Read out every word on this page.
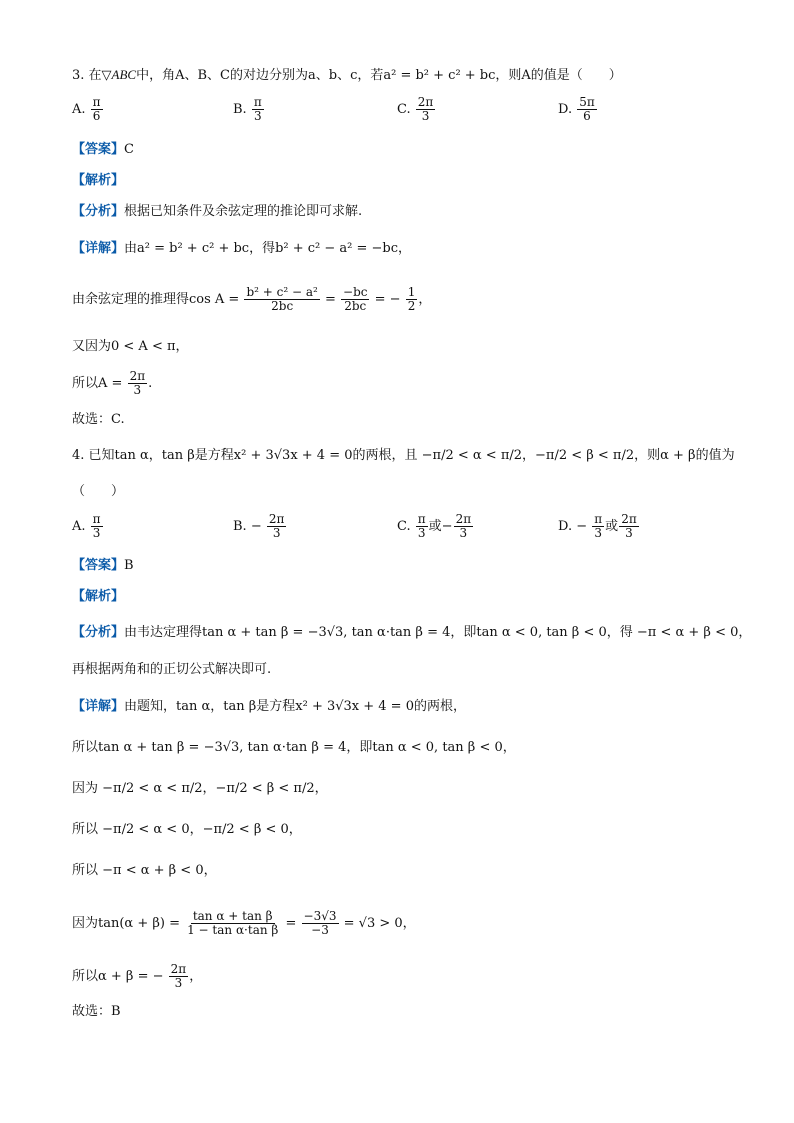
3. 在▽ABC中，角A、B、C的对边分别为a、b、c，若a² = b² + c² + bc，则A的值是（　　）
A. $\frac{\pi}{6}$	B. $\frac{\pi}{3}$	C. $\frac{2\pi}{3}$	D. $\frac{5\pi}{6}$
【答案】C
【解析】
【分析】根据已知条件及余弦定理的推论即可求解.
【详解】由a² = b² + c² + bc，得b² + c² − a² = −bc，
由余弦定理的推理得$\cos A = \frac{\text{b² + c² − a²}}{2bc} = \frac{-bc}{2bc}$ = − $\frac{1}{2}$ ，
又因为0 < A < π，
所以$A = \frac{2\pi}{3}$ .
故选：C.
4. 已知tan α，tan β是方程x² + 3√3x + 4 = 0的两根，且 −π/2 < α < π/2，−π/2 < β < π/2，则α + β的值为
（　　）
A. $\frac{\pi}{3}$	B. − $\frac{2\pi}{3}$	C. $\frac{\pi}{3}$ 或− $\frac{2\pi}{3}$	D. − $\frac{\pi}{3}$ 或 $\frac{2\pi}{3}$
【答案】B
【解析】
【分析】由韦达定理得tan α + tan β = −3√3, tan α·tan β = 4，即tan α < 0, tan β < 0，得 −π < α + β < 0，
再根据两角和的正切公式解决即可.
【详解】由题知，tan α，tan β是方程x² + 3√3x + 4 = 0的两根，
所以tan α + tan β = −3√3, tan α·tan β = 4，即tan α < 0, tan β < 0，
因为 −π/2 < α < π/2，−π/2 < β < π/2，
所以 −π/2 < α < 0，−π/2 < β < 0，
所以 −π < α + β < 0，
因为$\tan(\alpha + \beta) = \frac{\text{tan α + tan β}}{\text{1 − tan α·tan β}} = \frac{-3√3}{-3} = √3 > 0$，
所以α + β = − $\frac{2\pi}{3}$ ，
故选：B
